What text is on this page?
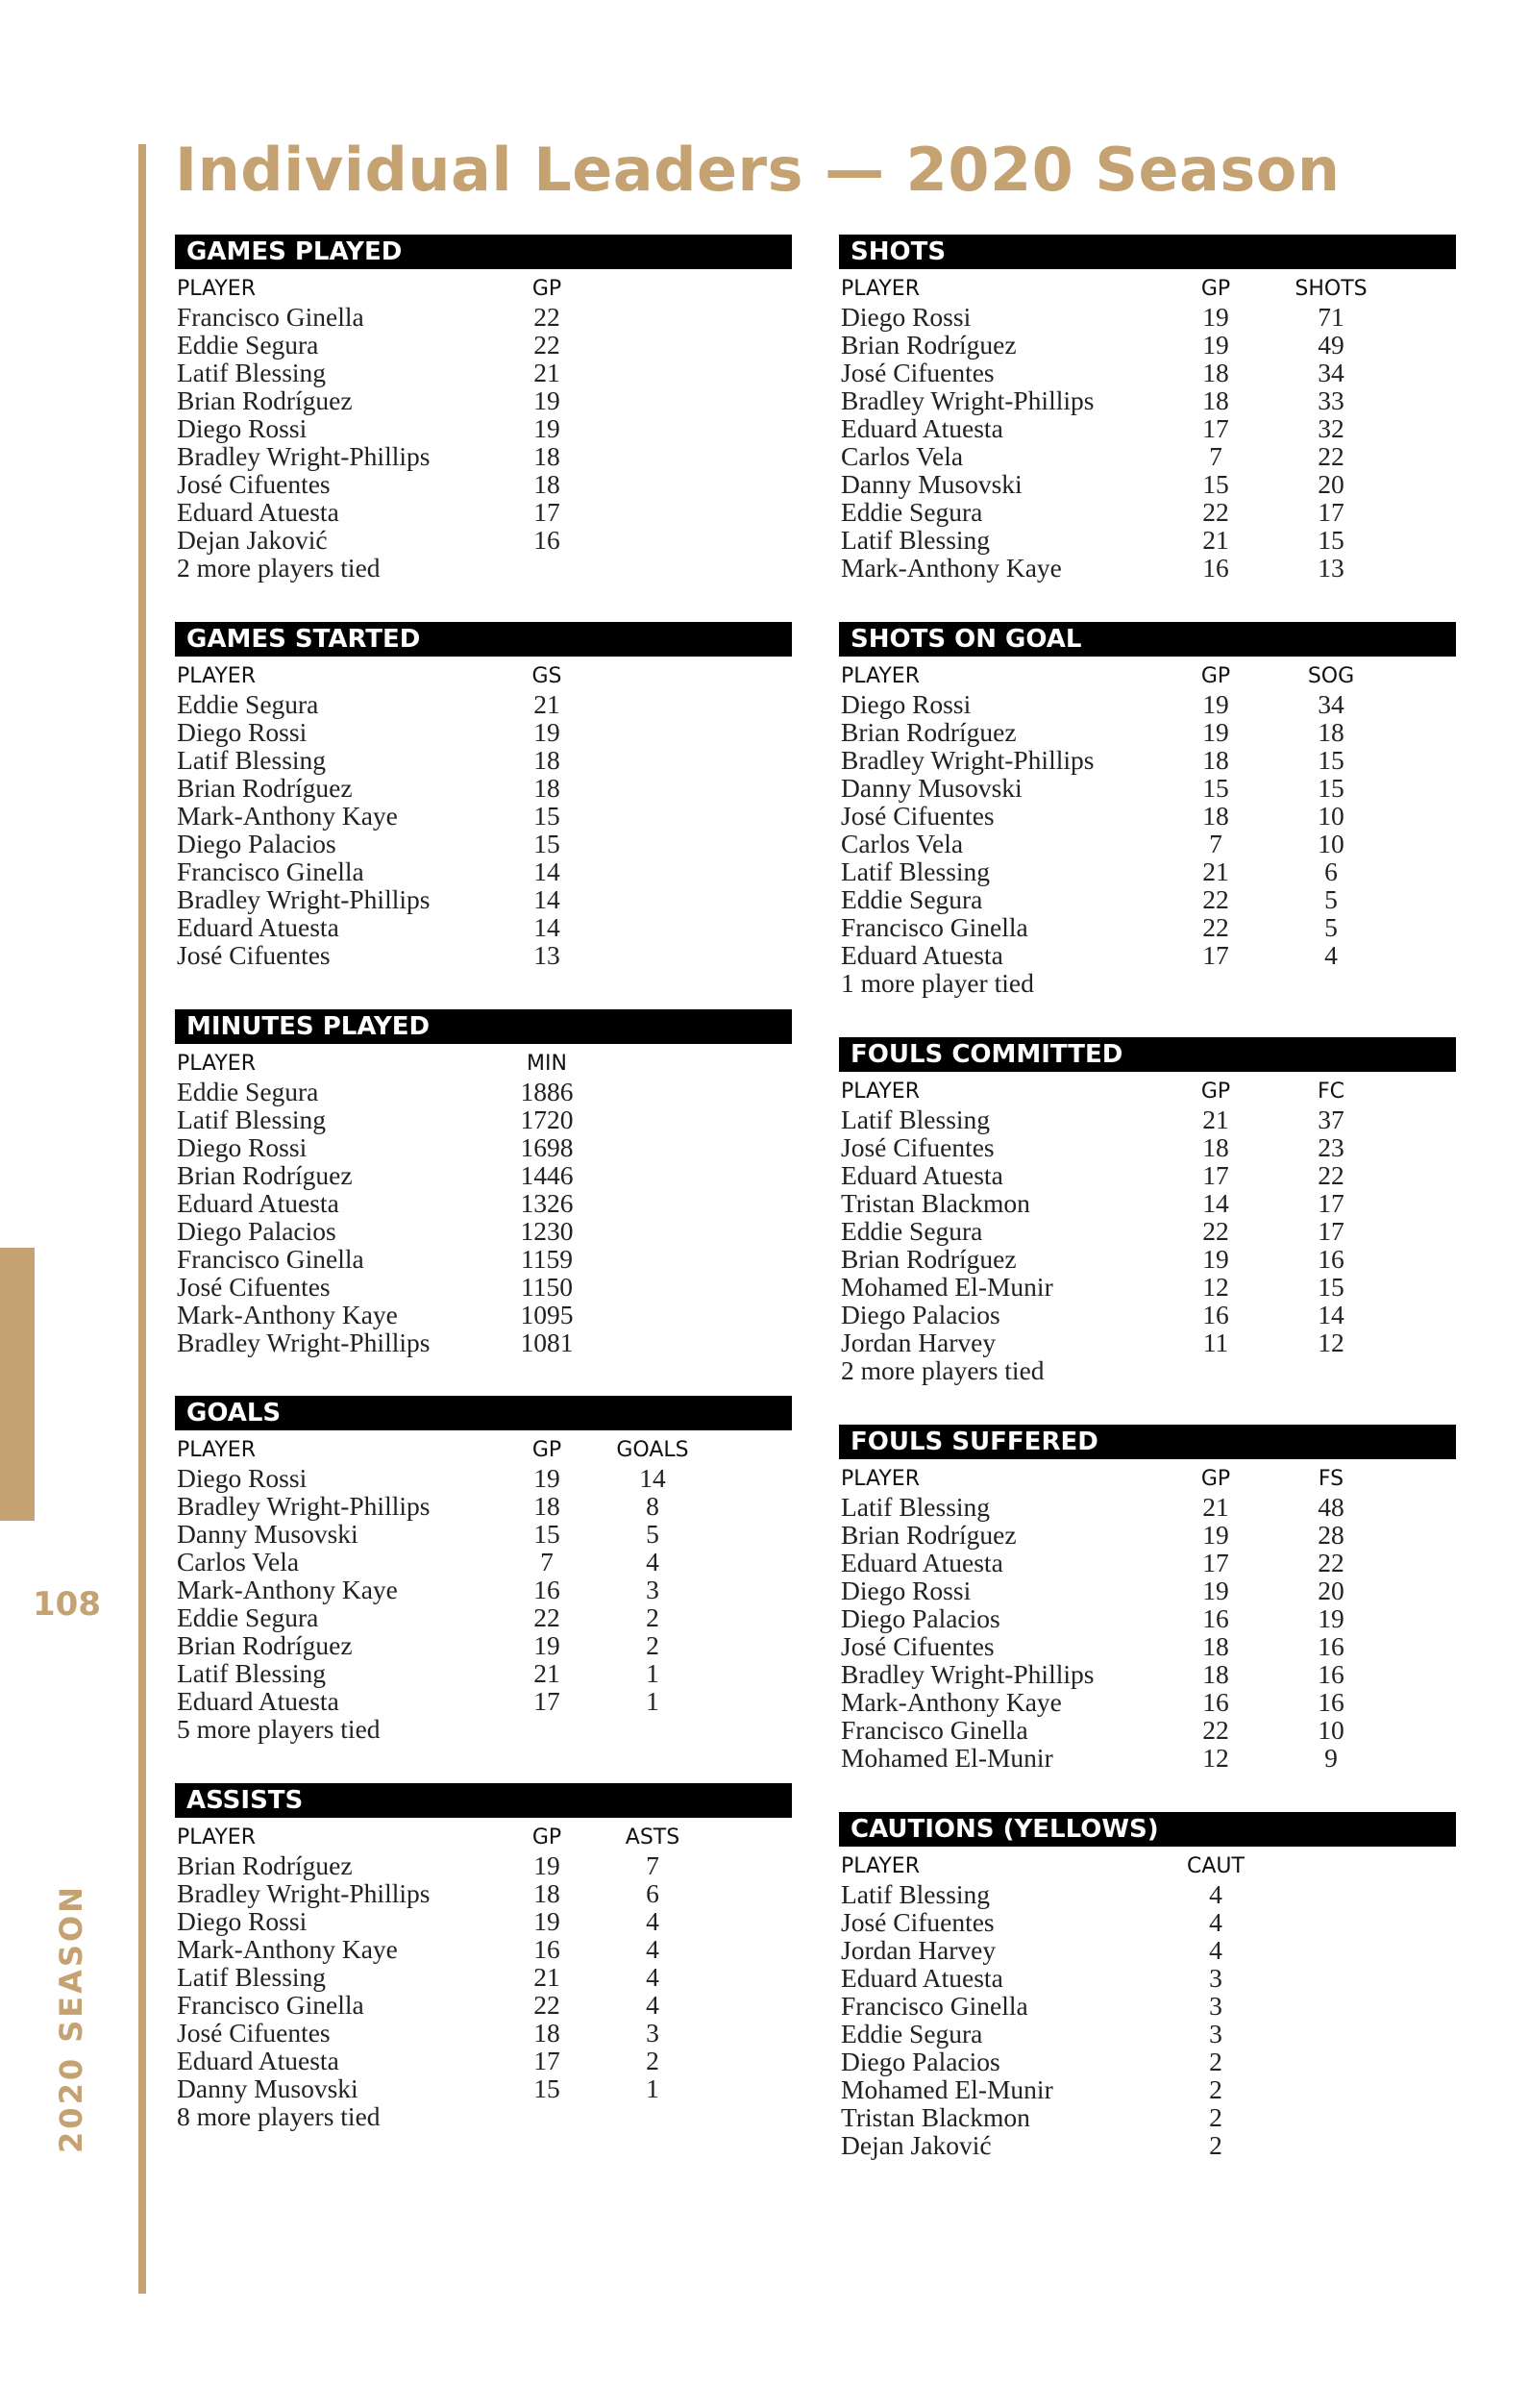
Individual Leaders — 2020 Season
108
2020 SEASON
GAMES PLAYED
PLAYER	GP
Francisco Ginella	22
Eddie Segura	22
Latif Blessing	21
Brian Rodríguez	19
Diego Rossi	19
Bradley Wright-Phillips	18
José Cifuentes	18
Eduard Atuesta	17
Dejan Jaković	16
2 more players tied
GAMES STARTED
PLAYER	GS
Eddie Segura	21
Diego Rossi	19
Latif Blessing	18
Brian Rodríguez	18
Mark-Anthony Kaye	15
Diego Palacios	15
Francisco Ginella	14
Bradley Wright-Phillips	14
Eduard Atuesta	14
José Cifuentes	13
MINUTES PLAYED
PLAYER	MIN
Eddie Segura	1886
Latif Blessing	1720
Diego Rossi	1698
Brian Rodríguez	1446
Eduard Atuesta	1326
Diego Palacios	1230
Francisco Ginella	1159
José Cifuentes	1150
Mark-Anthony Kaye	1095
Bradley Wright-Phillips	1081
GOALS
PLAYER	GP	GOALS
Diego Rossi	19	14
Bradley Wright-Phillips	18	8
Danny Musovski	15	5
Carlos Vela	7	4
Mark-Anthony Kaye	16	3
Eddie Segura	22	2
Brian Rodríguez	19	2
Latif Blessing	21	1
Eduard Atuesta	17	1
5 more players tied
ASSISTS
PLAYER	GP	ASTS
Brian Rodríguez	19	7
Bradley Wright-Phillips	18	6
Diego Rossi	19	4
Mark-Anthony Kaye	16	4
Latif Blessing	21	4
Francisco Ginella	22	4
José Cifuentes	18	3
Eduard Atuesta	17	2
Danny Musovski	15	1
8 more players tied
SHOTS
PLAYER	GP	SHOTS
Diego Rossi	19	71
Brian Rodríguez	19	49
José Cifuentes	18	34
Bradley Wright-Phillips	18	33
Eduard Atuesta	17	32
Carlos Vela	7	22
Danny Musovski	15	20
Eddie Segura	22	17
Latif Blessing	21	15
Mark-Anthony Kaye	16	13
SHOTS ON GOAL
PLAYER	GP	SOG
Diego Rossi	19	34
Brian Rodríguez	19	18
Bradley Wright-Phillips	18	15
Danny Musovski	15	15
José Cifuentes	18	10
Carlos Vela	7	10
Latif Blessing	21	6
Eddie Segura	22	5
Francisco Ginella	22	5
Eduard Atuesta	17	4
1 more player tied
FOULS COMMITTED
PLAYER	GP	FC
Latif Blessing	21	37
José Cifuentes	18	23
Eduard Atuesta	17	22
Tristan Blackmon	14	17
Eddie Segura	22	17
Brian Rodríguez	19	16
Mohamed El-Munir	12	15
Diego Palacios	16	14
Jordan Harvey	11	12
2 more players tied
FOULS SUFFERED
PLAYER	GP	FS
Latif Blessing	21	48
Brian Rodríguez	19	28
Eduard Atuesta	17	22
Diego Rossi	19	20
Diego Palacios	16	19
José Cifuentes	18	16
Bradley Wright-Phillips	18	16
Mark-Anthony Kaye	16	16
Francisco Ginella	22	10
Mohamed El-Munir	12	9
CAUTIONS (YELLOWS)
PLAYER	CAUT
Latif Blessing	4
José Cifuentes	4
Jordan Harvey	4
Eduard Atuesta	3
Francisco Ginella	3
Eddie Segura	3
Diego Palacios	2
Mohamed El-Munir	2
Tristan Blackmon	2
Dejan Jaković	2
